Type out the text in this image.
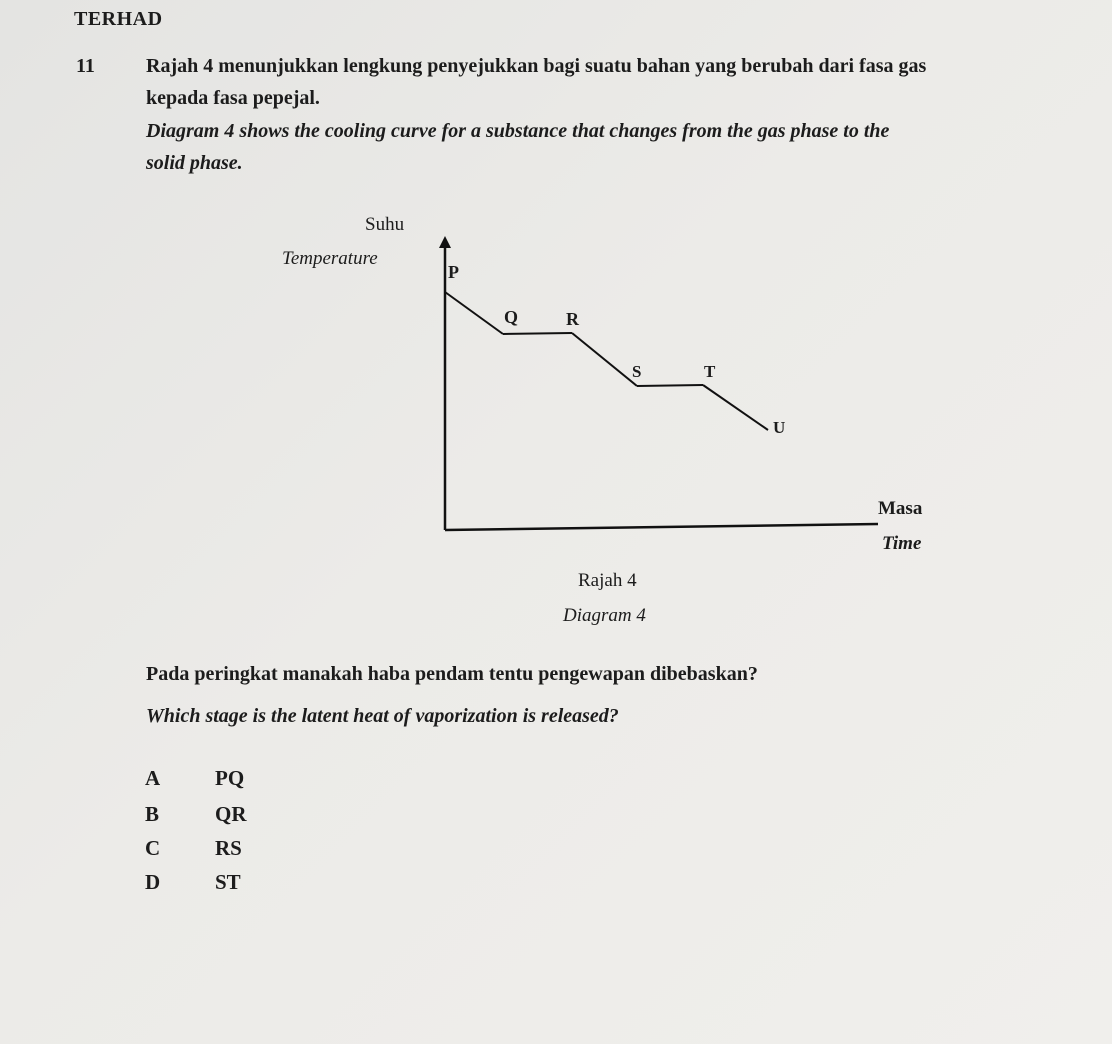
TERHAD
11	Rajah 4 menunjukkan lengkung penyejukkan bagi suatu bahan yang berubah dari fasa gas
kepada fasa pepejal.
Diagram 4 shows the cooling curve for a substance that changes from the gas phase to the
solid phase.
Suhu
Temperature
P
Q	R
S	T
U
Masa
Time
Rajah 4
Diagram 4
Pada peringkat manakah haba pendam tentu pengewapan dibebaskan?
Which stage is the latent heat of vaporization is released?
A	PQ
B	QR
C	RS
D	ST
